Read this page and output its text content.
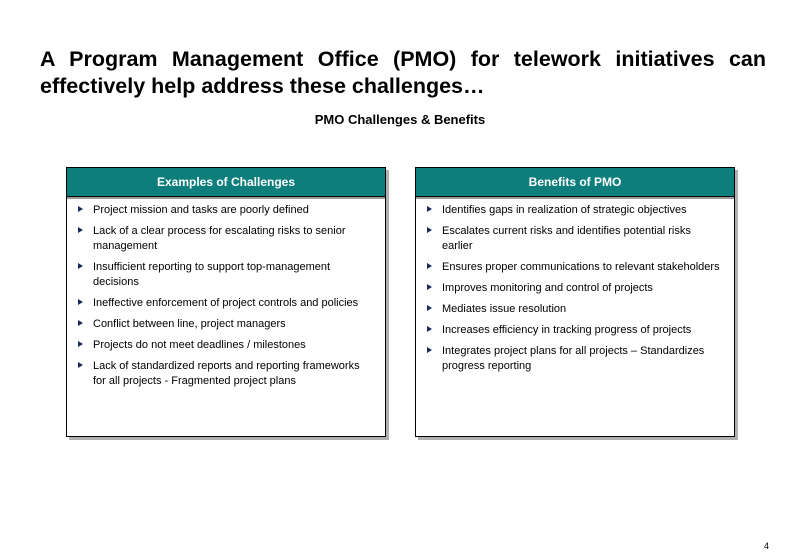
A Program Management Office (PMO) for telework initiatives can effectively help address these challenges…
PMO Challenges & Benefits
Examples of Challenges
Project mission and tasks are poorly defined
Lack of a clear process for escalating risks to senior management
Insufficient reporting to support top-management decisions
Ineffective enforcement of project controls and policies
Conflict between line, project managers
Projects do not meet deadlines / milestones
Lack of standardized reports and reporting frameworks for all projects - Fragmented project plans
Benefits of PMO
Identifies gaps in realization of strategic objectives
Escalates current risks and identifies potential risks earlier
Ensures proper communications to relevant stakeholders
Improves monitoring and control of projects
Mediates issue resolution
Increases efficiency in tracking progress of projects
Integrates project plans for all projects – Standardizes progress reporting
4
